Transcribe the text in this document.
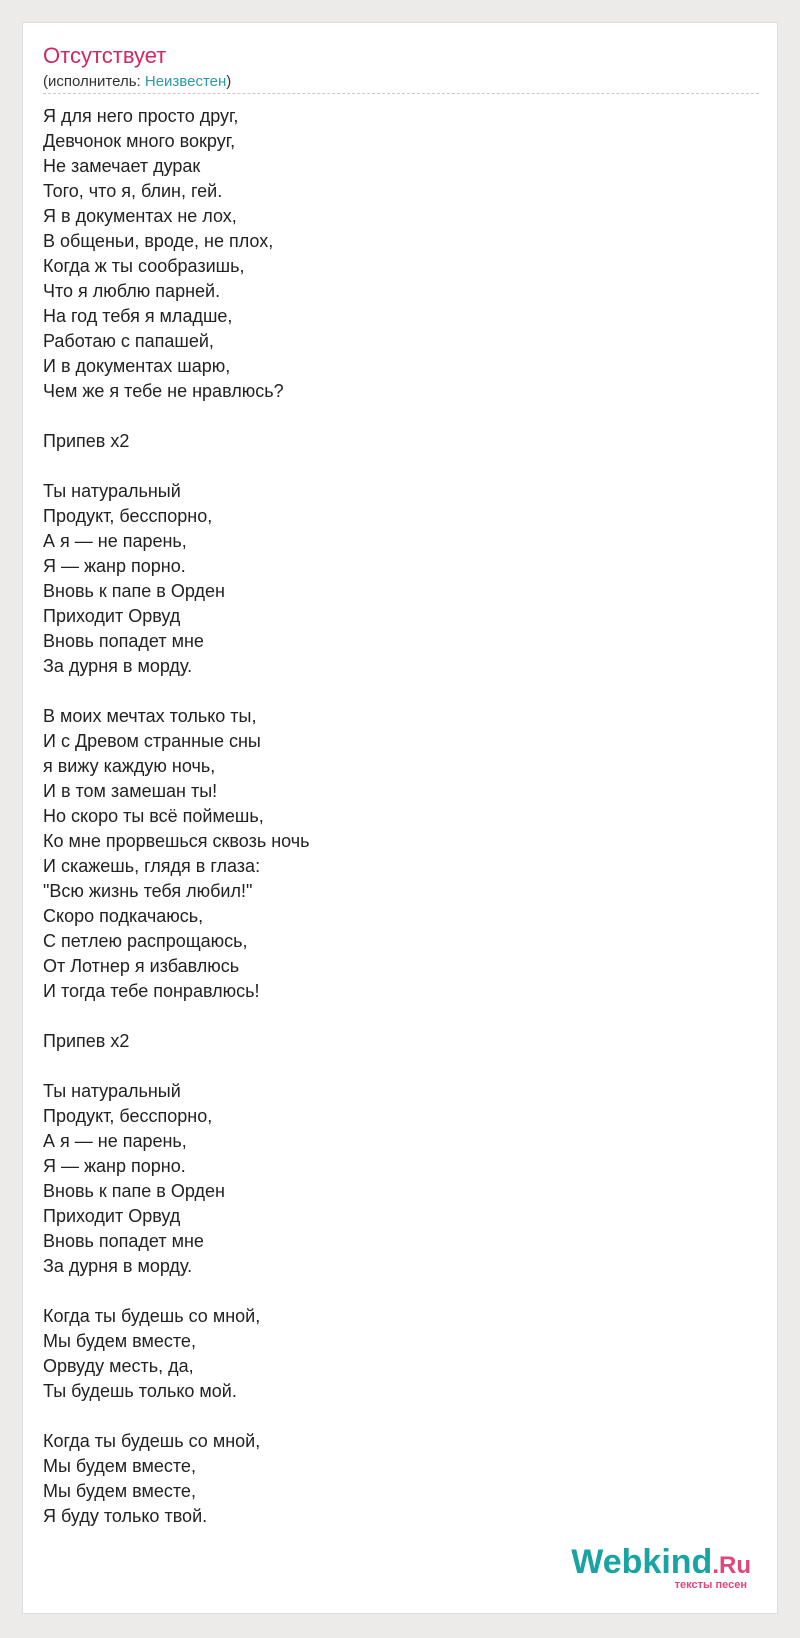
Отсутствует
(исполнитель: Неизвестен)
Я для него просто друг,
Девчонок много вокруг,
Не замечает дурак
Того, что я, блин, гей.
Я в документах не лох,
В общеньи, вроде, не плох,
Когда ж ты сообразишь,
Что я люблю парней.
На год тебя я младше,
Работаю с папашей,
И в документах шарю,
Чем же я тебе не нравлюсь?
Припев x2
Ты натуральный
Продукт, бесспорно,
А я — не парень,
Я — жанр порно.
Вновь к папе в Орден
Приходит Орвуд
Вновь попадет мне
За дурня в морду.
В моих мечтах только ты,
И с Древом странные сны
я вижу каждую ночь,
И в том замешан ты!
Но скоро ты всё поймешь,
Ко мне прорвешься сквозь ночь
И скажешь, глядя в глаза:
"Всю жизнь тебя любил!"
Скоро подкачаюсь,
С петлею распрощаюсь,
От Лотнер я избавлюсь
И тогда тебе понравлюсь!
Припев x2
Ты натуральный
Продукт, бесспорно,
А я — не парень,
Я — жанр порно.
Вновь к папе в Орден
Приходит Орвуд
Вновь попадет мне
За дурня в морду.
Когда ты будешь со мной,
Мы будем вместе,
Орвуду месть, да,
Ты будешь только мой.
Когда ты будешь со мной,
Мы будем вместе,
Мы будем вместе,
Я буду только твой.
Webkind.Ru
тексты песен
